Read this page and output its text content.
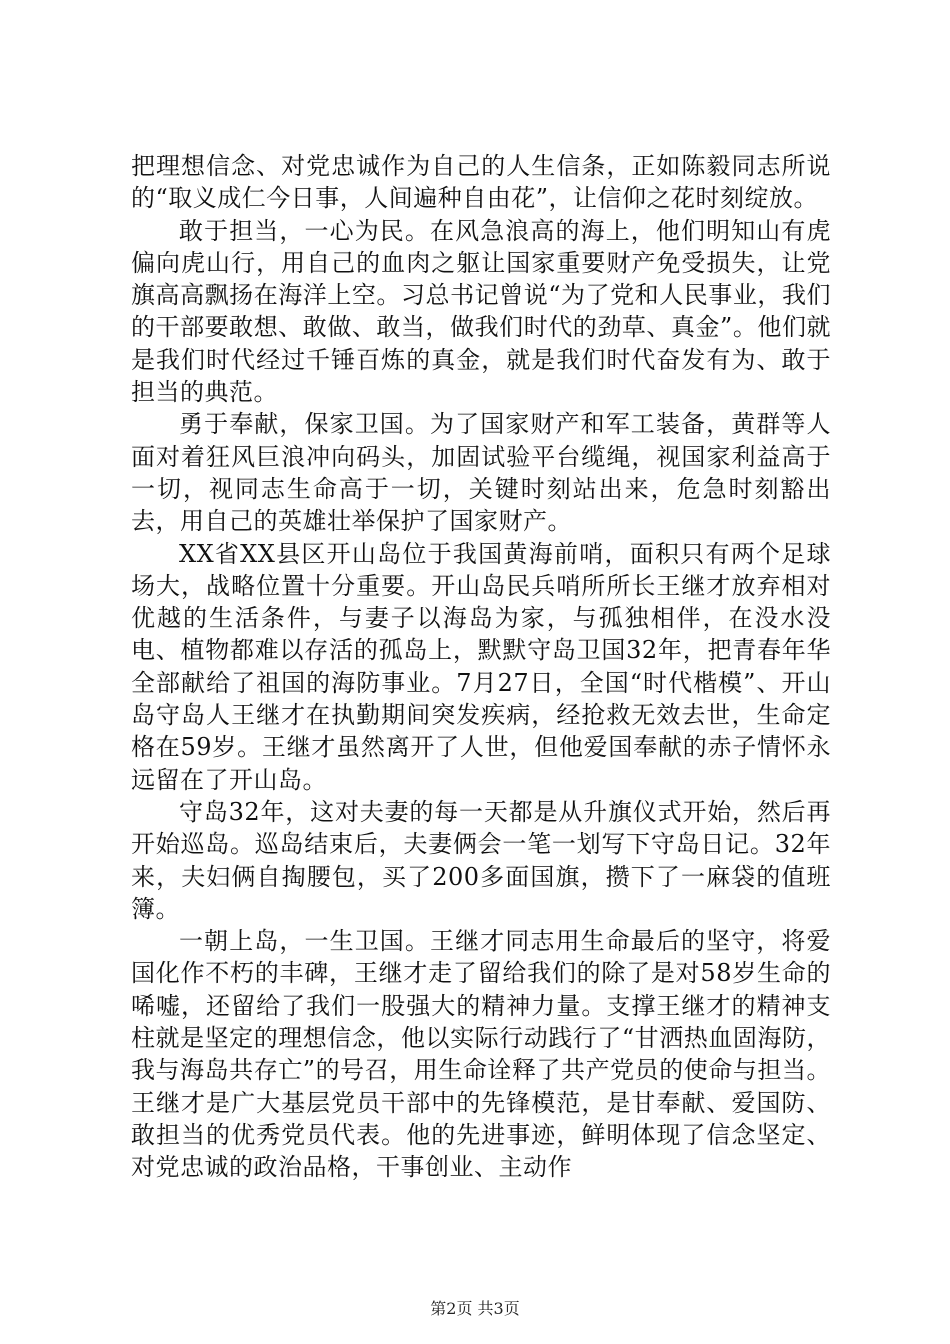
把理想信念、对党忠诚作为自己的人生信条，正如陈毅同志所说的“取义成仁今日事，人间遍种自由花”，让信仰之花时刻绽放。

敢于担当，一心为民。在风急浪高的海上，他们明知山有虎偏向虎山行，用自己的血肉之躯让国家重要财产免受损失，让党旗高高飘扬在海洋上空。习总书记曾说“为了党和人民事业，我们的干部要敢想、敢做、敢当，做我们时代的劲草、真金”。他们就是我们时代经过千锤百炼的真金，就是我们时代奋发有为、敢于担当的典范。

勇于奉献，保家卫国。为了国家财产和军工装备，黄群等人面对着狂风巨浪冲向码头，加固试验平台缆绳，视国家利益高于一切，视同志生命高于一切，关键时刻站出来，危急时刻豁出去，用自己的英雄壮举保护了国家财产。

XX省XX县区开山岛位于我国黄海前哨，面积只有两个足球场大，战略位置十分重要。开山岛民兵哨所所长王继才放弃相对优越的生活条件，与妻子以海岛为家，与孤独相伴，在没水没电、植物都难以存活的孤岛上，默默守岛卫国32年，把青春年华全部献给了祖国的海防事业。7月27日，全国“时代楷模”、开山岛守岛人王继才在执勤期间突发疾病，经抢救无效去世，生命定格在59岁。王继才虽然离开了人世，但他爱国奉献的赤子情怀永远留在了开山岛。

守岛32年，这对夫妻的每一天都是从升旗仪式开始，然后再开始巡岛。巡岛结束后，夫妻俩会一笔一划写下守岛日记。32年来，夫妇俩自掏腰包，买了200多面国旗，攒下了一麻袋的值班簿。

一朝上岛，一生卫国。王继才同志用生命最后的坚守，将爱国化作不朽的丰碑，王继才走了留给我们的除了是对58岁生命的唏嘘，还留给了我们一股强大的精神力量。支撑王继才的精神支柱就是坚定的理想信念，他以实际行动践行了“甘洒热血固海防，我与海岛共存亡”的号召，用生命诠释了共产党员的使命与担当。王继才是广大基层党员干部中的先锋模范，是甘奉献、爱国防、敢担当的优秀党员代表。他的先进事迹，鲜明体现了信念坚定、对党忠诚的政治品格，干事创业、主动作

第2页 共3页
